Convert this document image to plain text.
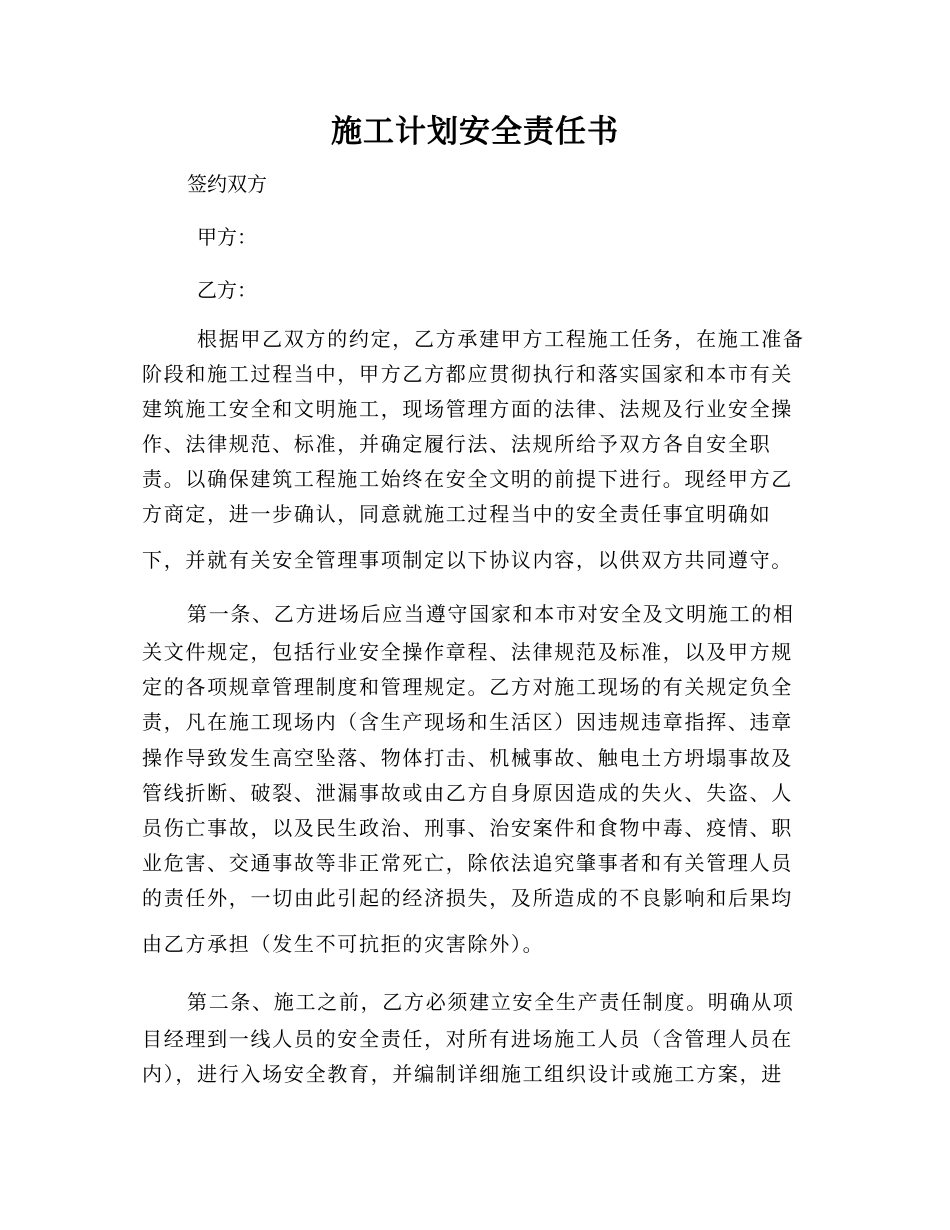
施工计划安全责任书
签约双方
甲方：
乙方：
根据甲乙双方的约定，乙方承建甲方工程施工任务，在施工准备
阶段和施工过程当中，甲方乙方都应贯彻执行和落实国家和本市有关
建筑施工安全和文明施工，现场管理方面的法律、法规及行业安全操
作、法律规范、标准，并确定履行法、法规所给予双方各自安全职
责。以确保建筑工程施工始终在安全文明的前提下进行。现经甲方乙
方商定，进一步确认，同意就施工过程当中的安全责任事宜明确如
下，并就有关安全管理事项制定以下协议内容，以供双方共同遵守。
第一条、乙方进场后应当遵守国家和本市对安全及文明施工的相
关文件规定，包括行业安全操作章程、法律规范及标准，以及甲方规
定的各项规章管理制度和管理规定。乙方对施工现场的有关规定负全
责，凡在施工现场内（含生产现场和生活区）因违规违章指挥、违章
操作导致发生高空坠落、物体打击、机械事故、触电土方坍塌事故及
管线折断、破裂、泄漏事故或由乙方自身原因造成的失火、失盗、人
员伤亡事故，以及民生政治、刑事、治安案件和食物中毒、疫情、职
业危害、交通事故等非正常死亡，除依法追究肇事者和有关管理人员
的责任外，一切由此引起的经济损失，及所造成的不良影响和后果均
由乙方承担（发生不可抗拒的灾害除外）。
第二条、施工之前，乙方必须建立安全生产责任制度。明确从项
目经理到一线人员的安全责任，对所有进场施工人员（含管理人员在
内），进行入场安全教育，并编制详细施工组织设计或施工方案，进
